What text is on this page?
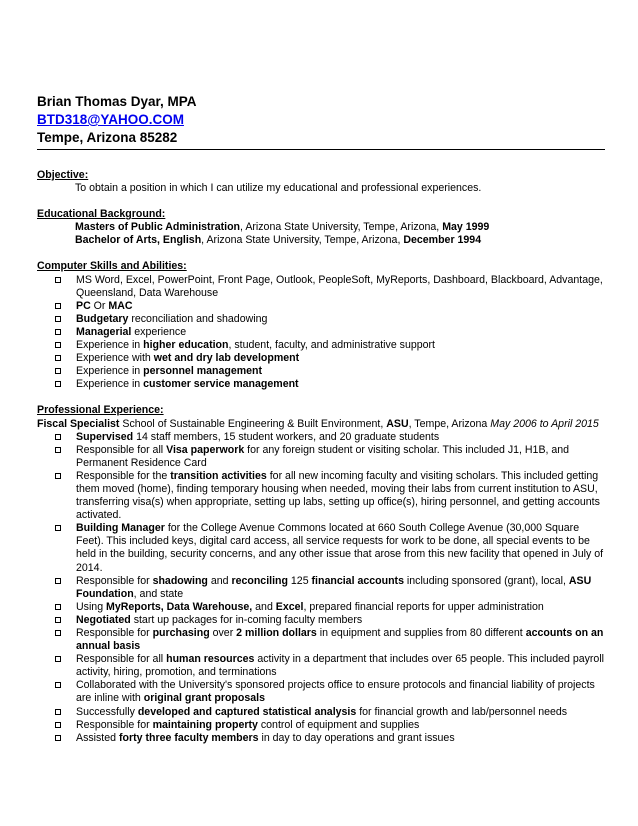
Brian Thomas Dyar, MPA
BTD318@YAHOO.COM
Tempe, Arizona 85282
Objective:
To obtain a position in which I can utilize my educational and professional experiences.
Educational Background:
Masters of Public Administration, Arizona State University, Tempe, Arizona, May 1999
Bachelor of Arts, English, Arizona State University, Tempe, Arizona, December 1994
Computer Skills and Abilities:
MS Word, Excel, PowerPoint, Front Page, Outlook, PeopleSoft, MyReports, Dashboard, Blackboard, Advantage, Queensland, Data Warehouse
PC Or MAC
Budgetary reconciliation and shadowing
Managerial experience
Experience in higher education, student, faculty, and administrative support
Experience with wet and dry lab development
Experience in personnel management
Experience in customer service management
Professional Experience:
Fiscal Specialist School of Sustainable Engineering & Built Environment, ASU, Tempe, Arizona May 2006 to April 2015
Supervised 14 staff members, 15 student workers, and 20 graduate students
Responsible for all Visa paperwork for any foreign student or visiting scholar. This included J1, H1B, and Permanent Residence Card
Responsible for the transition activities for all new incoming faculty and visiting scholars. This included getting them moved (home), finding temporary housing when needed, moving their labs from current institution to ASU, transferring visa(s) when appropriate, setting up labs, setting up office(s), hiring personnel, and getting accounts activated.
Building Manager for the College Avenue Commons located at 660 South College Avenue (30,000 Square Feet). This included keys, digital card access, all service requests for work to be done, all special events to be held in the building, security concerns, and any other issue that arose from this new facility that opened in July of 2014.
Responsible for shadowing and reconciling 125 financial accounts including sponsored (grant), local, ASU Foundation, and state
Using MyReports, Data Warehouse, and Excel, prepared financial reports for upper administration
Negotiated start up packages for in-coming faculty members
Responsible for purchasing over 2 million dollars in equipment and supplies from 80 different accounts on an annual basis
Responsible for all human resources activity in a department that includes over 65 people. This included payroll activity, hiring, promotion, and terminations
Collaborated with the University's sponsored projects office to ensure protocols and financial liability of projects are inline with original grant proposals
Successfully developed and captured statistical analysis for financial growth and lab/personnel needs
Responsible for maintaining property control of equipment and supplies
Assisted forty three faculty members in day to day operations and grant issues
